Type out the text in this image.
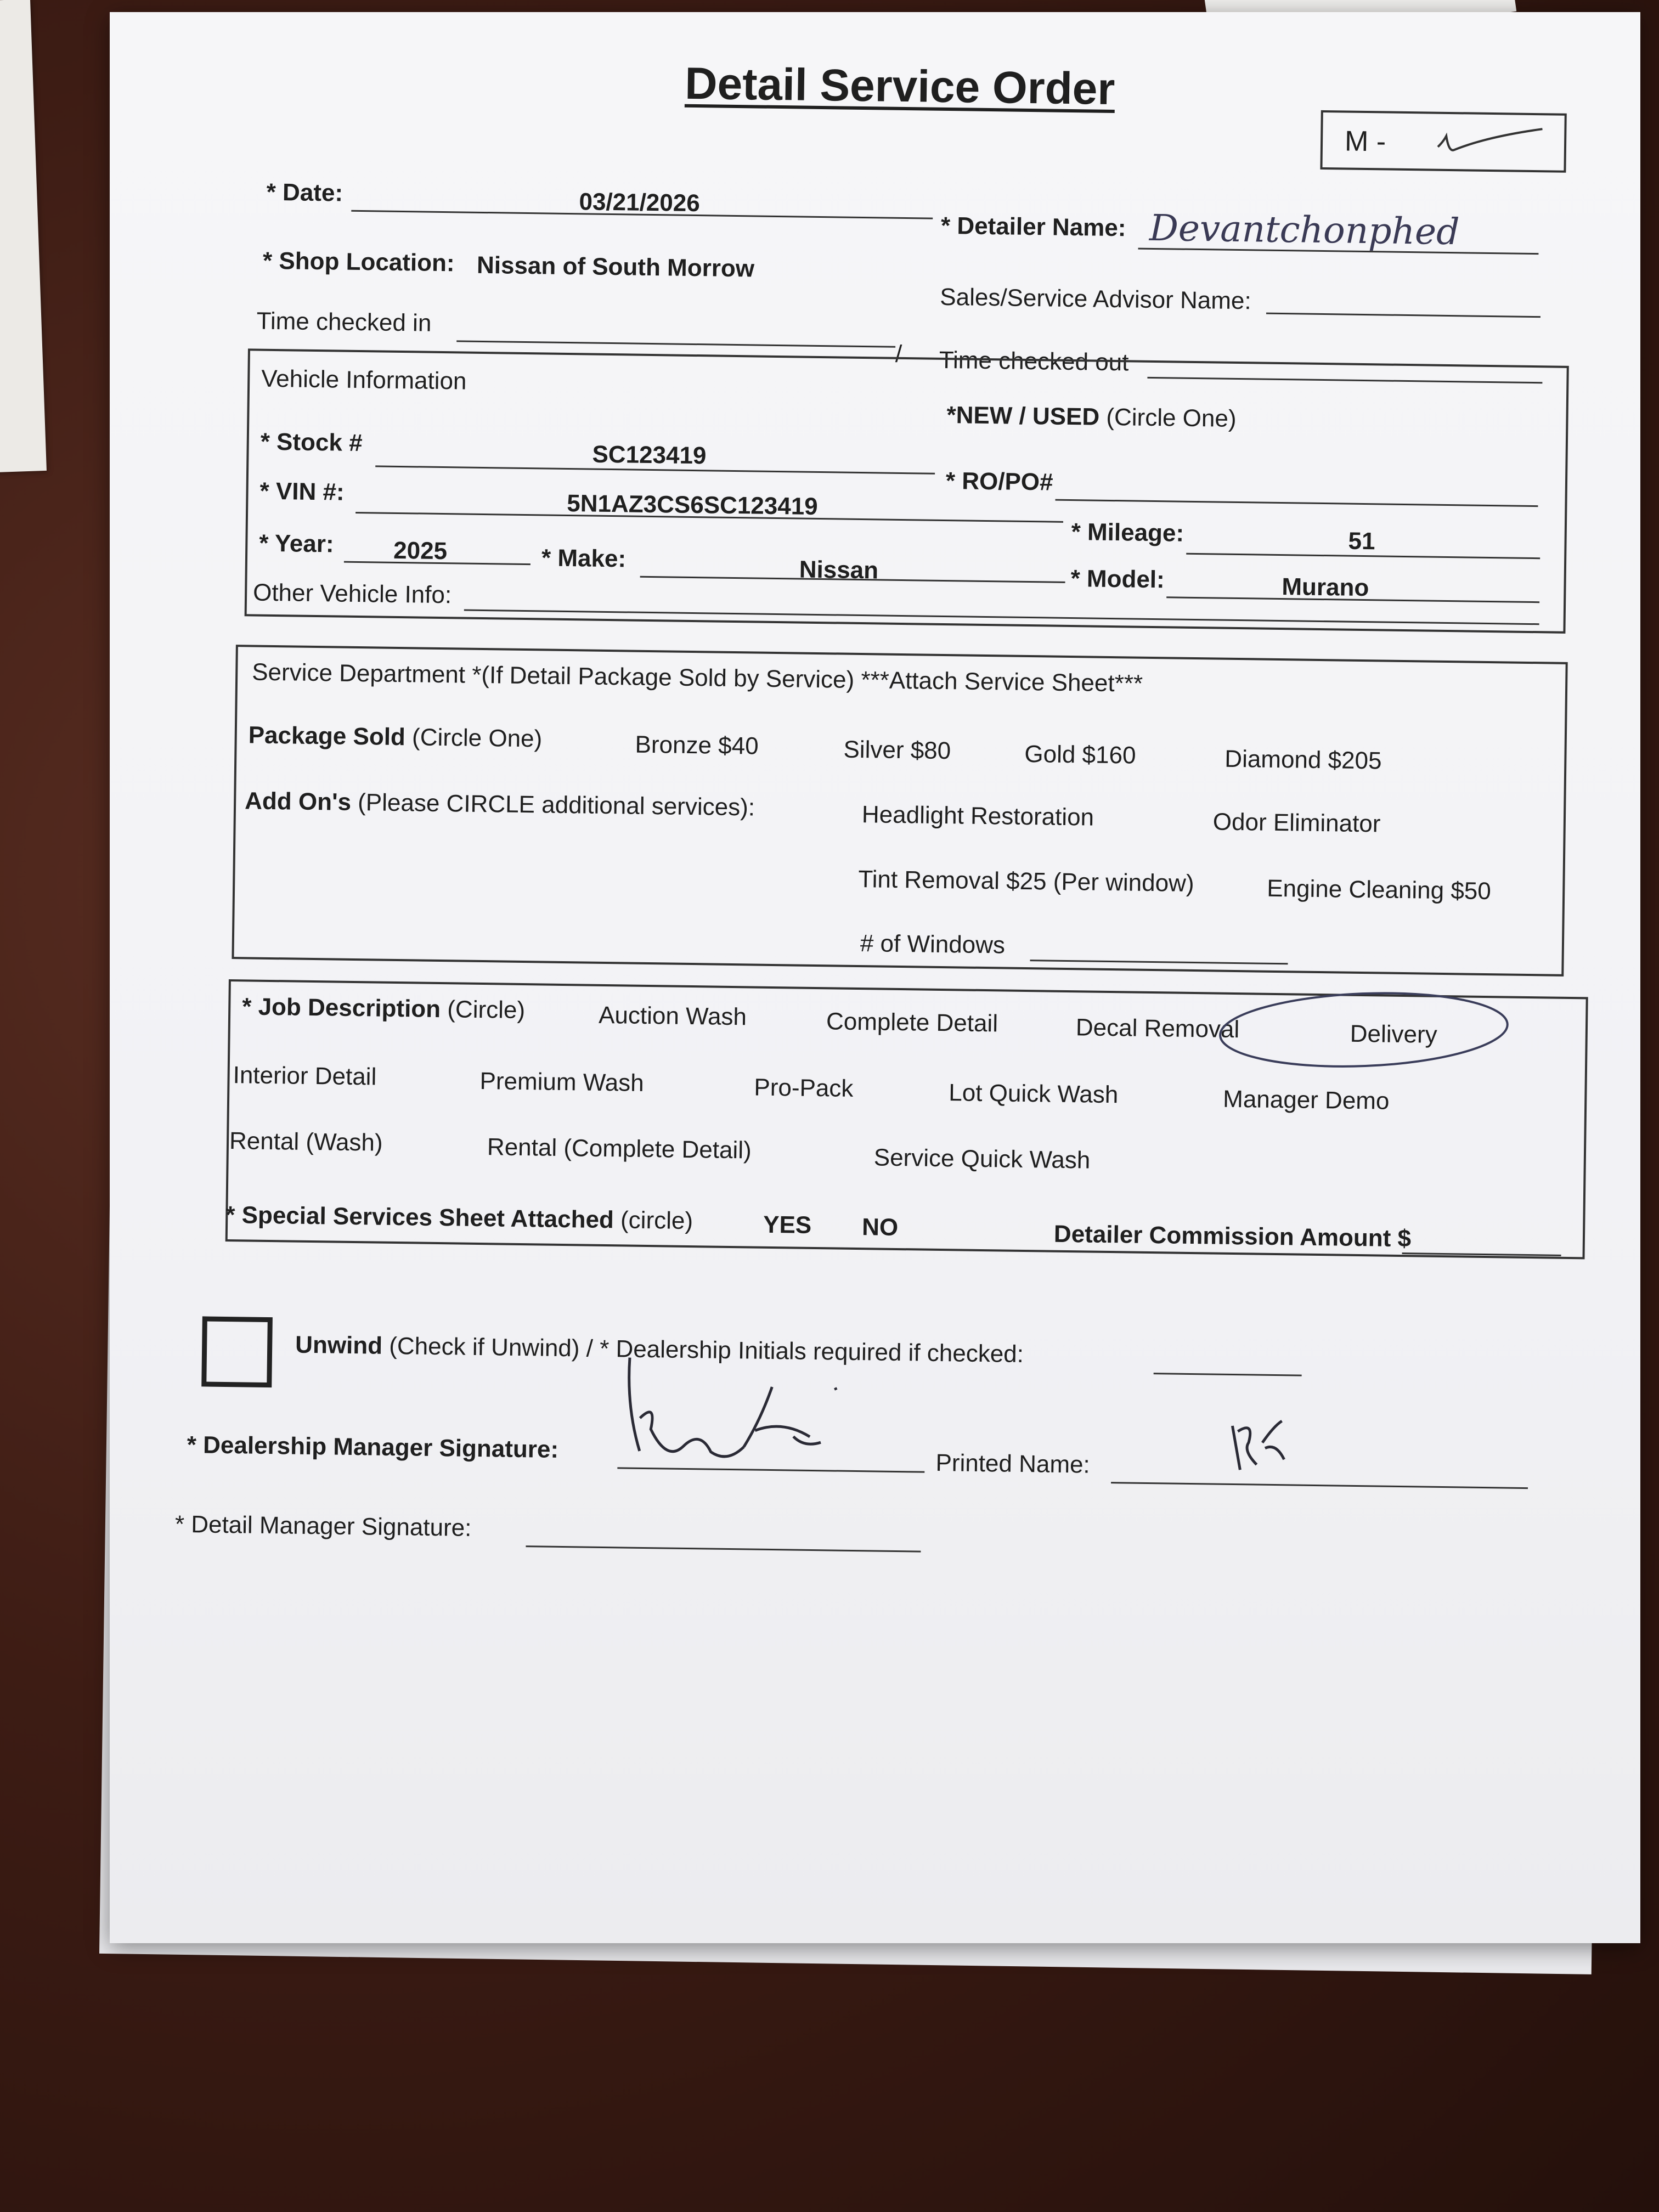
Detail Service Order
M -
* Date:	03/21/2026
* Detailer Name: Devantchonphed
* Shop Location: Nissan of South Morrow
Sales/Service Advisor Name:
Time checked in
/ Time checked out
Vehicle Information
*NEW / USED (Circle One)
* Stock #	SC123419
* RO/PO#
* VIN #:	5N1AZ3CS6SC123419
* Mileage:	51
* Year: 2025	* Make:	Nissan	* Model:	Murano
Other Vehicle Info:
Service Department *(If Detail Package Sold by Service) ***Attach Service Sheet***
Package Sold (Circle One)	Bronze $40	Silver $80	Gold $160	Diamond $205
Add On's (Please CIRCLE additional services):	Headlight Restoration	Odor Eliminator
Tint Removal $25 (Per window)	Engine Cleaning $50
# of Windows
* Job Description (Circle)	Auction Wash	Complete Detail	Decal Removal	Delivery
Interior Detail	Premium Wash	Pro-Pack	Lot Quick Wash	Manager Demo
Rental (Wash)	Rental (Complete Detail)	Service Quick Wash
* Special Services Sheet Attached (circle)	YES NO	Detailer Commission Amount $
Unwind (Check if Unwind) / * Dealership Initials required if checked:
* Dealership Manager Signature:
Printed Name:
* Detail Manager Signature:
